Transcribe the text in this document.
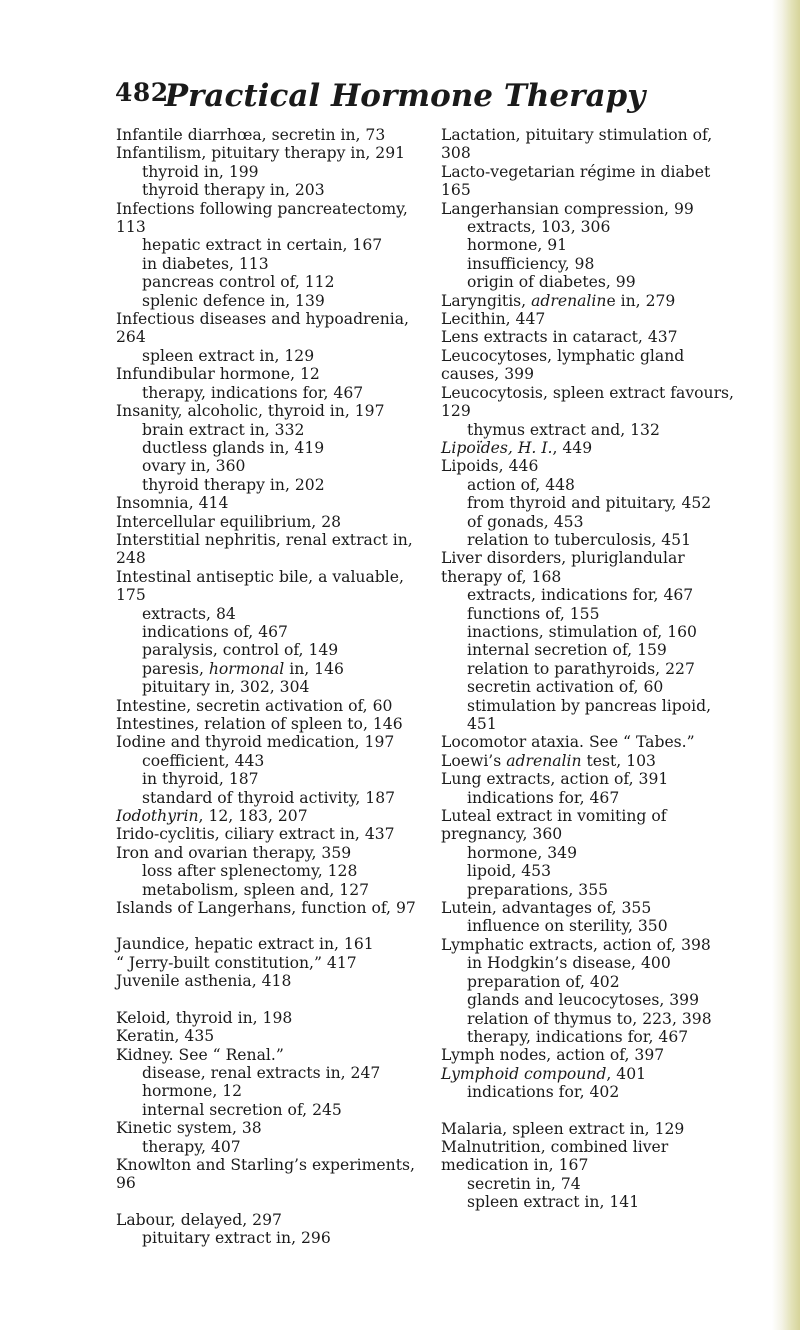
482
Practical Hormone Therapy
Infantile diarrhœa, secretin in, 73
Infantilism, pituitary therapy in, 291
thyroid in, 199
thyroid therapy in, 203
Infections following pancreatectomy, 113
hepatic extract in certain, 167
in diabetes, 113
pancreas control of, 112
splenic defence in, 139
Infectious diseases and hypoadrenia, 264
spleen extract in, 129
Infundibular hormone, 12
therapy, indications for, 467
Insanity, alcoholic, thyroid in, 197
brain extract in, 332
ductless glands in, 419
ovary in, 360
thyroid therapy in, 202
Insomnia, 414
Intercellular equilibrium, 28
Interstitial nephritis, renal extract in, 248
Intestinal antiseptic bile, a valuable, 175
extracts, 84
indications of, 467
paralysis, control of, 149
paresis, hormonal in, 146
pituitary in, 302, 304
Intestine, secretin activation of, 60
Intestines, relation of spleen to, 146
Iodine and thyroid medication, 197
coefficient, 443
in thyroid, 187
standard of thyroid activity, 187
Iodothyrin, 12, 183, 207
Irido-cyclitis, ciliary extract in, 437
Iron and ovarian therapy, 359
loss after splenectomy, 128
metabolism, spleen and, 127
Islands of Langerhans, function of, 97
Jaundice, hepatic extract in, 161
“ Jerry-built constitution,” 417
Juvenile asthenia, 418
Keloid, thyroid in, 198
Keratin, 435
Kidney. See “ Renal.”
disease, renal extracts in, 247
hormone, 12
internal secretion of, 245
Kinetic system, 38
therapy, 407
Knowlton and Starling’s experiments, 96
Labour, delayed, 297
pituitary extract in, 296
Lactation, pituitary stimulation of, 308
Lacto-vegetarian régime in diabet 165
Langerhansian compression, 99
extracts, 103, 306
hormone, 91
insufficiency, 98
origin of diabetes, 99
Laryngitis, adrenaline in, 279
Lecithin, 447
Lens extracts in cataract, 437
Leucocytoses, lymphatic gland causes, 399
Leucocytosis, spleen extract favours, 129
thymus extract and, 132
Lipoïdes, H. I., 449
Lipoids, 446
action of, 448
from thyroid and pituitary, 452
of gonads, 453
relation to tuberculosis, 451
Liver disorders, pluriglandular therapy of, 168
extracts, indications for, 467
functions of, 155
inactions, stimulation of, 160
internal secretion of, 159
relation to parathyroids, 227
secretin activation of, 60
stimulation by pancreas lipoid, 451
Locomotor ataxia. See “ Tabes.”
Loewi’s adrenalin test, 103
Lung extracts, action of, 391
indications for, 467
Luteal extract in vomiting of pregnancy, 360
hormone, 349
lipoid, 453
preparations, 355
Lutein, advantages of, 355
influence on sterility, 350
Lymphatic extracts, action of, 398
in Hodgkin’s disease, 400
preparation of, 402
glands and leucocytoses, 399
relation of thymus to, 223, 398
therapy, indications for, 467
Lymph nodes, action of, 397
Lymphoid compound, 401
indications for, 402
Malaria, spleen extract in, 129
Malnutrition, combined liver medication in, 167
secretin in, 74
spleen extract in, 141
